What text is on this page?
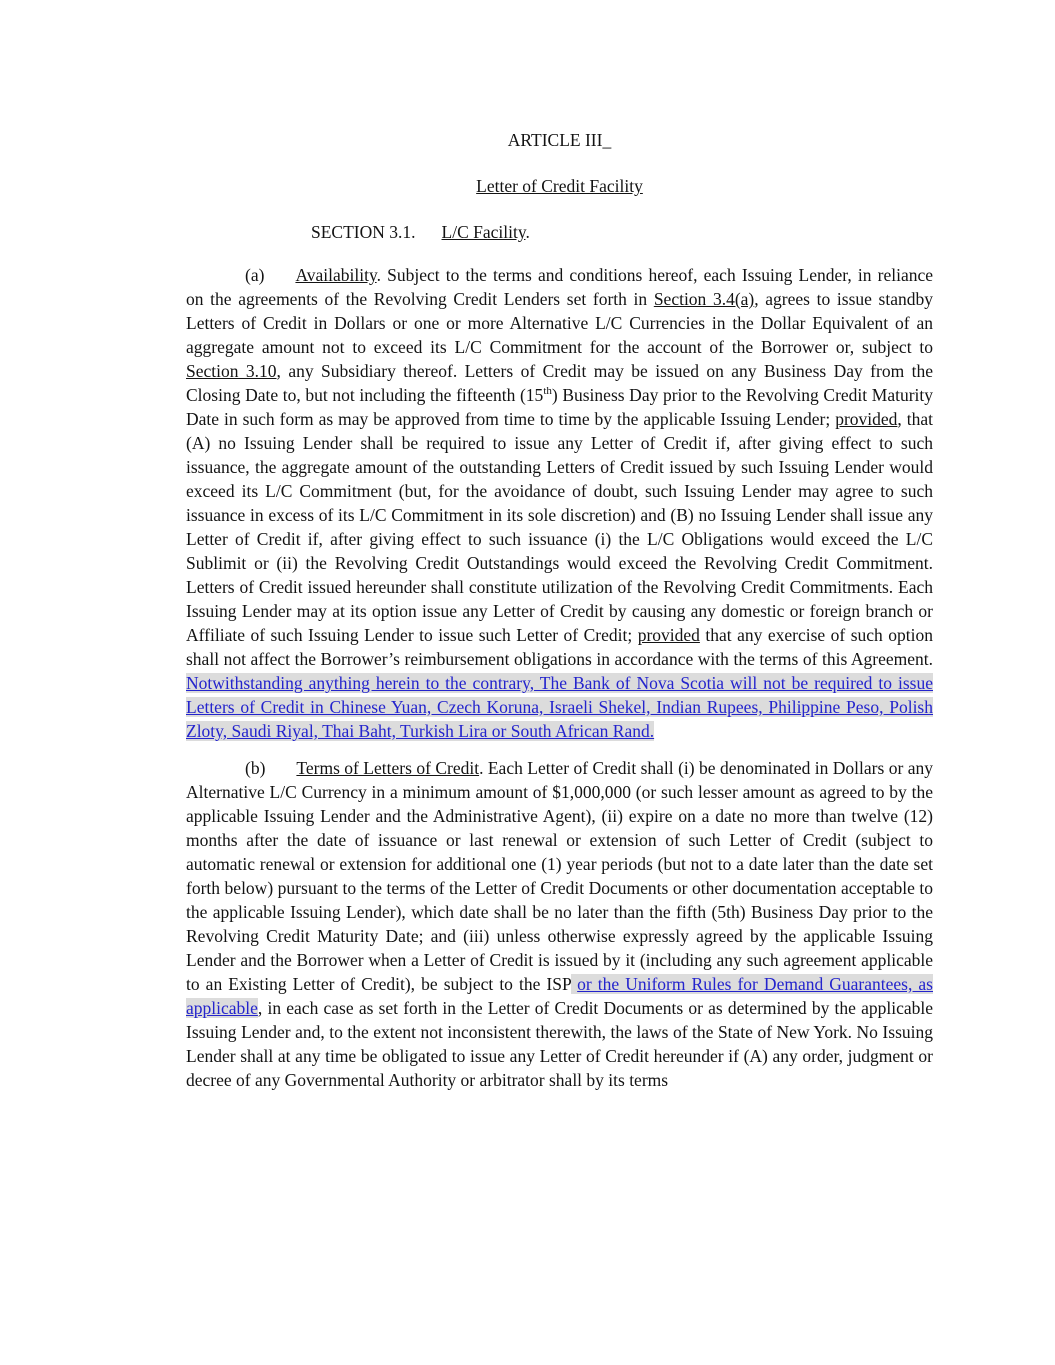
ARTICLE III_

Letter of Credit Facility

SECTION 3.1. L/C Facility.

(a) Availability. Subject to the terms and conditions hereof, each Issuing Lender, in reliance on the agreements of the Revolving Credit Lenders set forth in Section 3.4(a), agrees to issue standby Letters of Credit in Dollars or one or more Alternative L/C Currencies in the Dollar Equivalent of an aggregate amount not to exceed its L/C Commitment for the account of the Borrower or, subject to Section 3.10, any Subsidiary thereof. Letters of Credit may be issued on any Business Day from the Closing Date to, but not including the fifteenth (15th) Business Day prior to the Revolving Credit Maturity Date in such form as may be approved from time to time by the applicable Issuing Lender; provided, that (A) no Issuing Lender shall be required to issue any Letter of Credit if, after giving effect to such issuance, the aggregate amount of the outstanding Letters of Credit issued by such Issuing Lender would exceed its L/C Commitment (but, for the avoidance of doubt, such Issuing Lender may agree to such issuance in excess of its L/C Commitment in its sole discretion) and (B) no Issuing Lender shall issue any Letter of Credit if, after giving effect to such issuance (i) the L/C Obligations would exceed the L/C Sublimit or (ii) the Revolving Credit Outstandings would exceed the Revolving Credit Commitment. Letters of Credit issued hereunder shall constitute utilization of the Revolving Credit Commitments. Each Issuing Lender may at its option issue any Letter of Credit by causing any domestic or foreign branch or Affiliate of such Issuing Lender to issue such Letter of Credit; provided that any exercise of such option shall not affect the Borrower’s reimbursement obligations in accordance with the terms of this Agreement. Notwithstanding anything herein to the contrary, The Bank of Nova Scotia will not be required to issue Letters of Credit in Chinese Yuan, Czech Koruna, Israeli Shekel, Indian Rupees, Philippine Peso, Polish Zloty, Saudi Riyal, Thai Baht, Turkish Lira or South African Rand.

(b) Terms of Letters of Credit. Each Letter of Credit shall (i) be denominated in Dollars or any Alternative L/C Currency in a minimum amount of $1,000,000 (or such lesser amount as agreed to by the applicable Issuing Lender and the Administrative Agent), (ii) expire on a date no more than twelve (12) months after the date of issuance or last renewal or extension of such Letter of Credit (subject to automatic renewal or extension for additional one (1) year periods (but not to a date later than the date set forth below) pursuant to the terms of the Letter of Credit Documents or other documentation acceptable to the applicable Issuing Lender), which date shall be no later than the fifth (5th) Business Day prior to the Revolving Credit Maturity Date; and (iii) unless otherwise expressly agreed by the applicable Issuing Lender and the Borrower when a Letter of Credit is issued by it (including any such agreement applicable to an Existing Letter of Credit), be subject to the ISP or the Uniform Rules for Demand Guarantees, as applicable, in each case as set forth in the Letter of Credit Documents or as determined by the applicable Issuing Lender and, to the extent not inconsistent therewith, the laws of the State of New York. No Issuing Lender shall at any time be obligated to issue any Letter of Credit hereunder if (A) any order, judgment or decree of any Governmental Authority or arbitrator shall by its terms
